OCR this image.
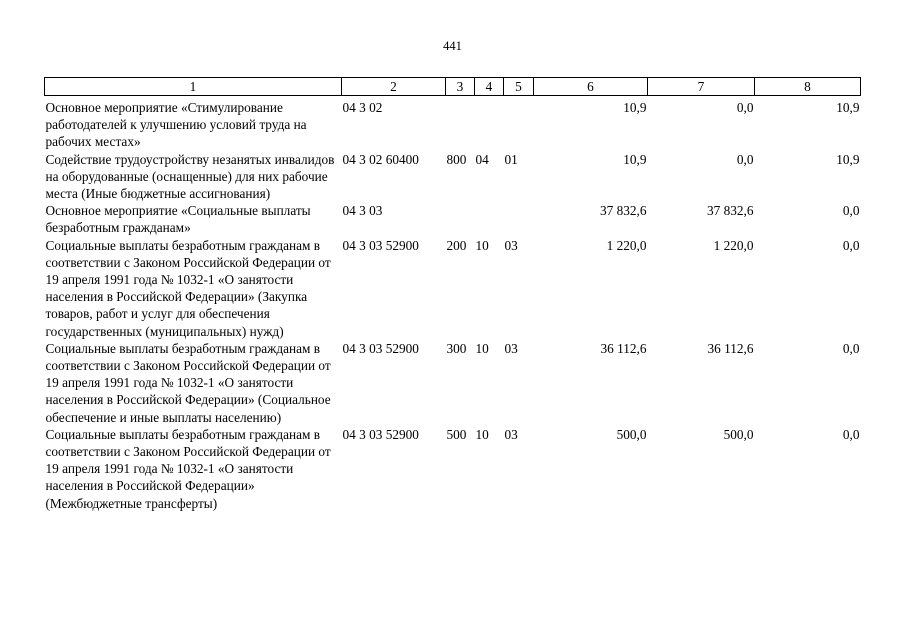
441
1	2	3	4	5	6	7	8
Основное мероприятие «Стимулирование работодателей к улучшению условий труда на рабочих местах»	04 3 02				10,9	0,0	10,9
Содействие трудоустройству незанятых инвалидов на оборудованные (оснащенные) для них рабочие места (Иные бюджетные ассигнования)	04 3 02 60400	800	04	01	10,9	0,0	10,9
Основное мероприятие «Социальные выплаты безработным гражданам»	04 3 03				37 832,6	37 832,6	0,0
Социальные выплаты безработным гражданам в соответствии с Законом Российской Федерации от 19 апреля 1991 года № 1032-1 «О занятости населения в Российской Федерации» (Закупка товаров, работ и услуг для обеспечения государственных (муниципальных) нужд)	04 3 03 52900	200	10	03	1 220,0	1 220,0	0,0
Социальные выплаты безработным гражданам в соответствии с Законом Российской Федерации от 19 апреля 1991 года № 1032-1 «О занятости населения в Российской Федерации» (Социальное обеспечение и иные выплаты населению)	04 3 03 52900	300	10	03	36 112,6	36 112,6	0,0
Социальные выплаты безработным гражданам в соответствии с Законом Российской Федерации от 19 апреля 1991 года № 1032-1 «О занятости населения в Российской Федерации» (Межбюджетные трансферты)	04 3 03 52900	500	10	03	500,0	500,0	0,0
